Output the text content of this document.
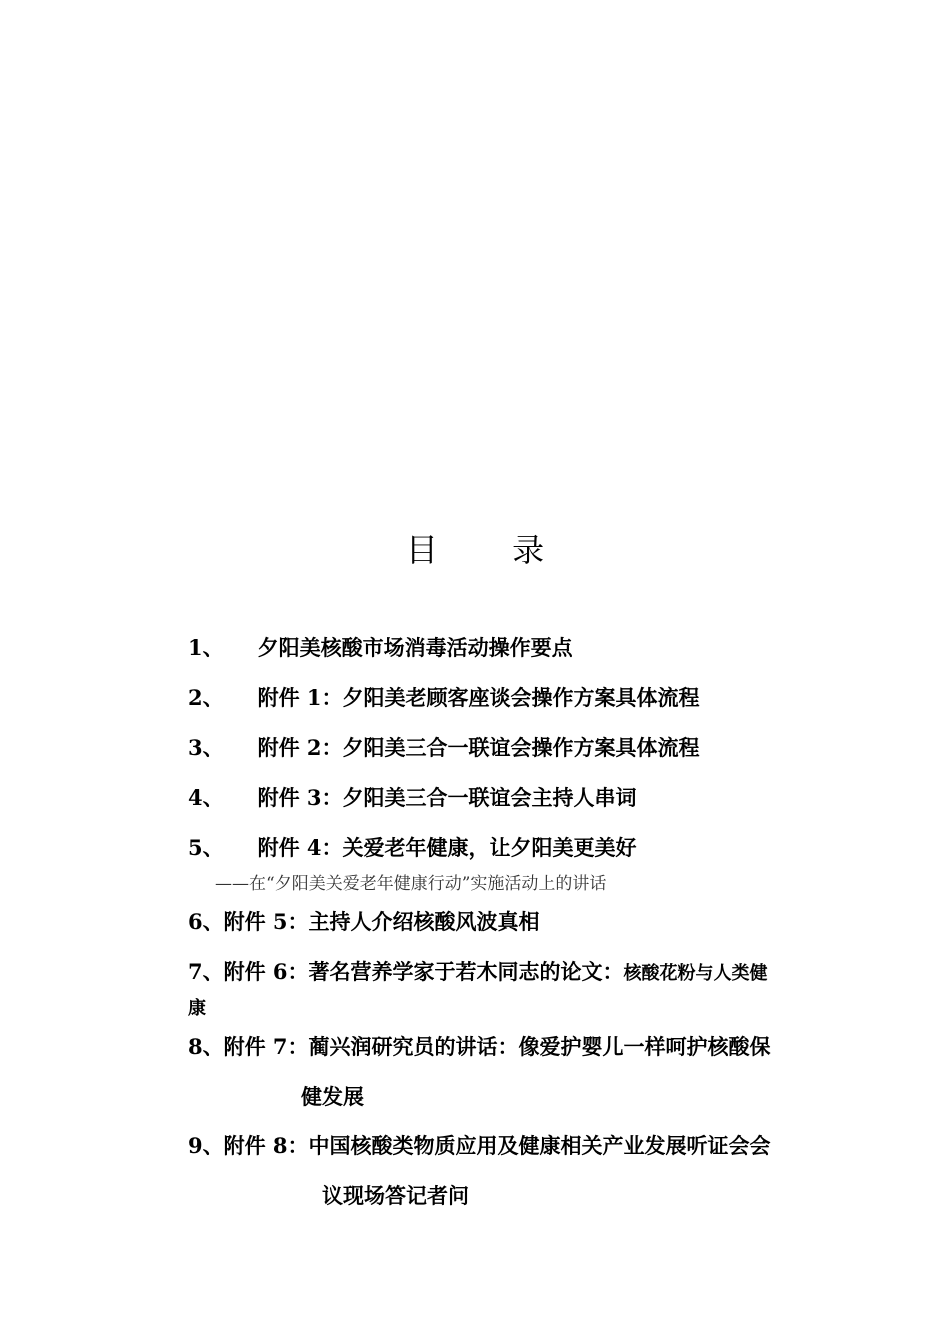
目 录
1、 夕阳美核酸市场消毒活动操作要点
2、 附件 1：夕阳美老顾客座谈会操作方案具体流程
3、 附件 2：夕阳美三合一联谊会操作方案具体流程
4、 附件 3：夕阳美三合一联谊会主持人串词
5、 附件 4：关爱老年健康，让夕阳美更美好
——在“夕阳美关爱老年健康行动”实施活动上的讲话
6、附件 5：主持人介绍核酸风波真相
7、附件 6：著名营养学家于若木同志的论文：核酸花粉与人类健
康
8、附件 7：蔺兴润研究员的讲话：像爱护婴儿一样呵护核酸保
健发展
9、附件 8：中国核酸类物质应用及健康相关产业发展听证会会
议现场答记者问
